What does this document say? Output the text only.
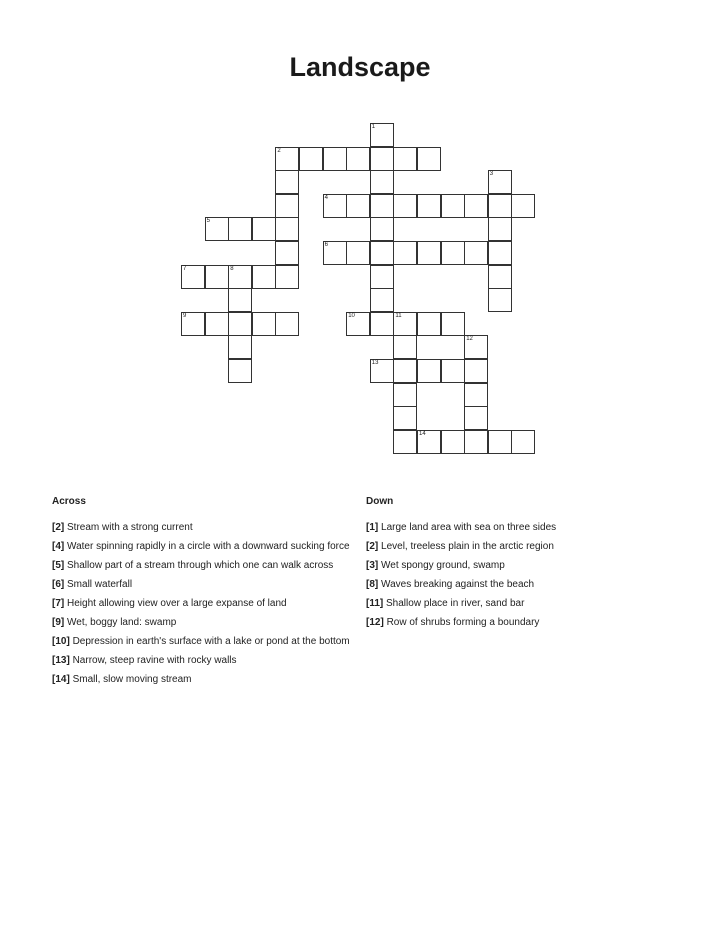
Landscape
2
4
5
6
7	8
9	10	11
13
14
1
3
12
Across
[2] Stream with a strong current
[4] Water spinning rapidly in a circle with a downward sucking force
[5] Shallow part of a stream through which one can walk across
[6] Small waterfall
[7] Height allowing view over a large expanse of land
[9] Wet, boggy land: swamp
[10] Depression in earth's surface with a lake or pond at the bottom
[13] Narrow, steep ravine with rocky walls
[14] Small, slow moving stream
Down
[1] Large land area with sea on three sides
[2] Level, treeless plain in the arctic region
[3] Wet spongy ground, swamp
[8] Waves breaking against the beach
[11] Shallow place in river, sand bar
[12] Row of shrubs forming a boundary
